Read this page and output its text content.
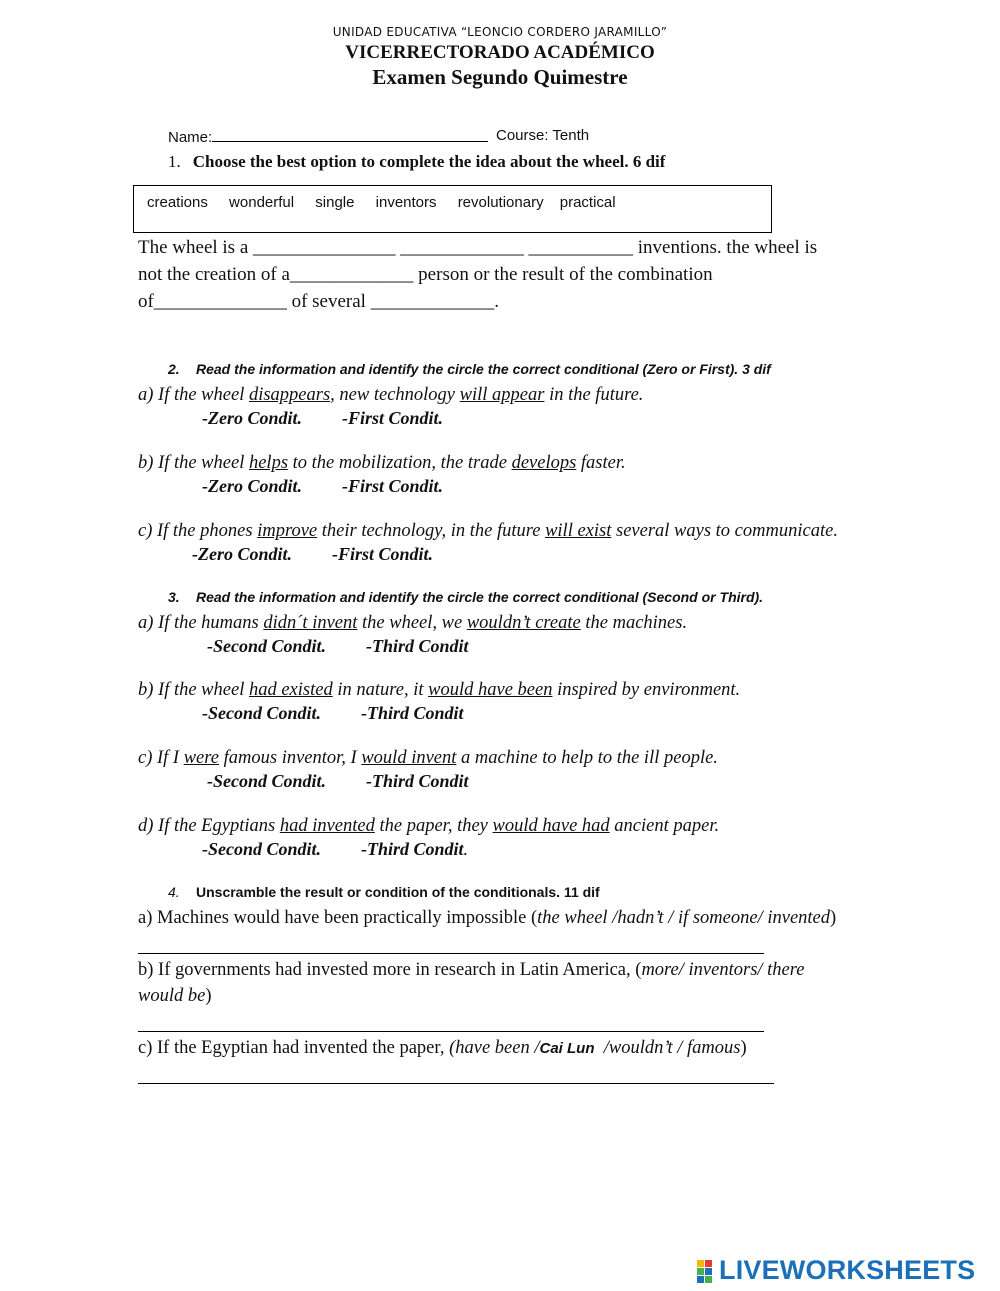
UNIDAD EDUCATIVA “LEONCIO CORDERO JARAMILLO”
VICERRECTORADO ACADÉMICO
Examen Segundo Quimestre
Name:	Course: Tenth
1. Choose the best option to complete the idea about the wheel. 6 dif
creations wonderful single inventors revolutionary practical
The wheel is a _______________ _____________ ___________ inventions. the wheel is
not the creation of a_____________ person or the result of the combination
of______________ of several _____________.
2. Read the information and identify the circle the correct conditional (Zero or First). 3 dif
a) If the wheel disappears, new technology will appear in the future.
-Zero Condit. -First Condit.
b) If the wheel helps to the mobilization, the trade develops faster.
-Zero Condit. -First Condit.
c) If the phones improve their technology, in the future will exist several ways to communicate.
-Zero Condit. -First Condit.
3. Read the information and identify the circle the correct conditional (Second or Third).
a) If the humans didn´t invent the wheel, we wouldn’t create the machines.
-Second Condit. -Third Condit
b) If the wheel had existed in nature, it would have been inspired by environment.
-Second Condit. -Third Condit
c) If I were famous inventor, I would invent a machine to help to the ill people.
-Second Condit. -Third Condit
d) If the Egyptians had invented the paper, they would have had ancient paper.
-Second Condit. -Third Condit.
4. Unscramble the result or condition of the conditionals. 11 dif
a) Machines would have been practically impossible (the wheel /hadn’t / if someone/ invented)
b) If governments had invested more in research in Latin America, (more/ inventors/ there
would be)
c) If the Egyptian had invented the paper, (have been /Cai Lun  /wouldn’t / famous)
LIVEWORKSHEETS
